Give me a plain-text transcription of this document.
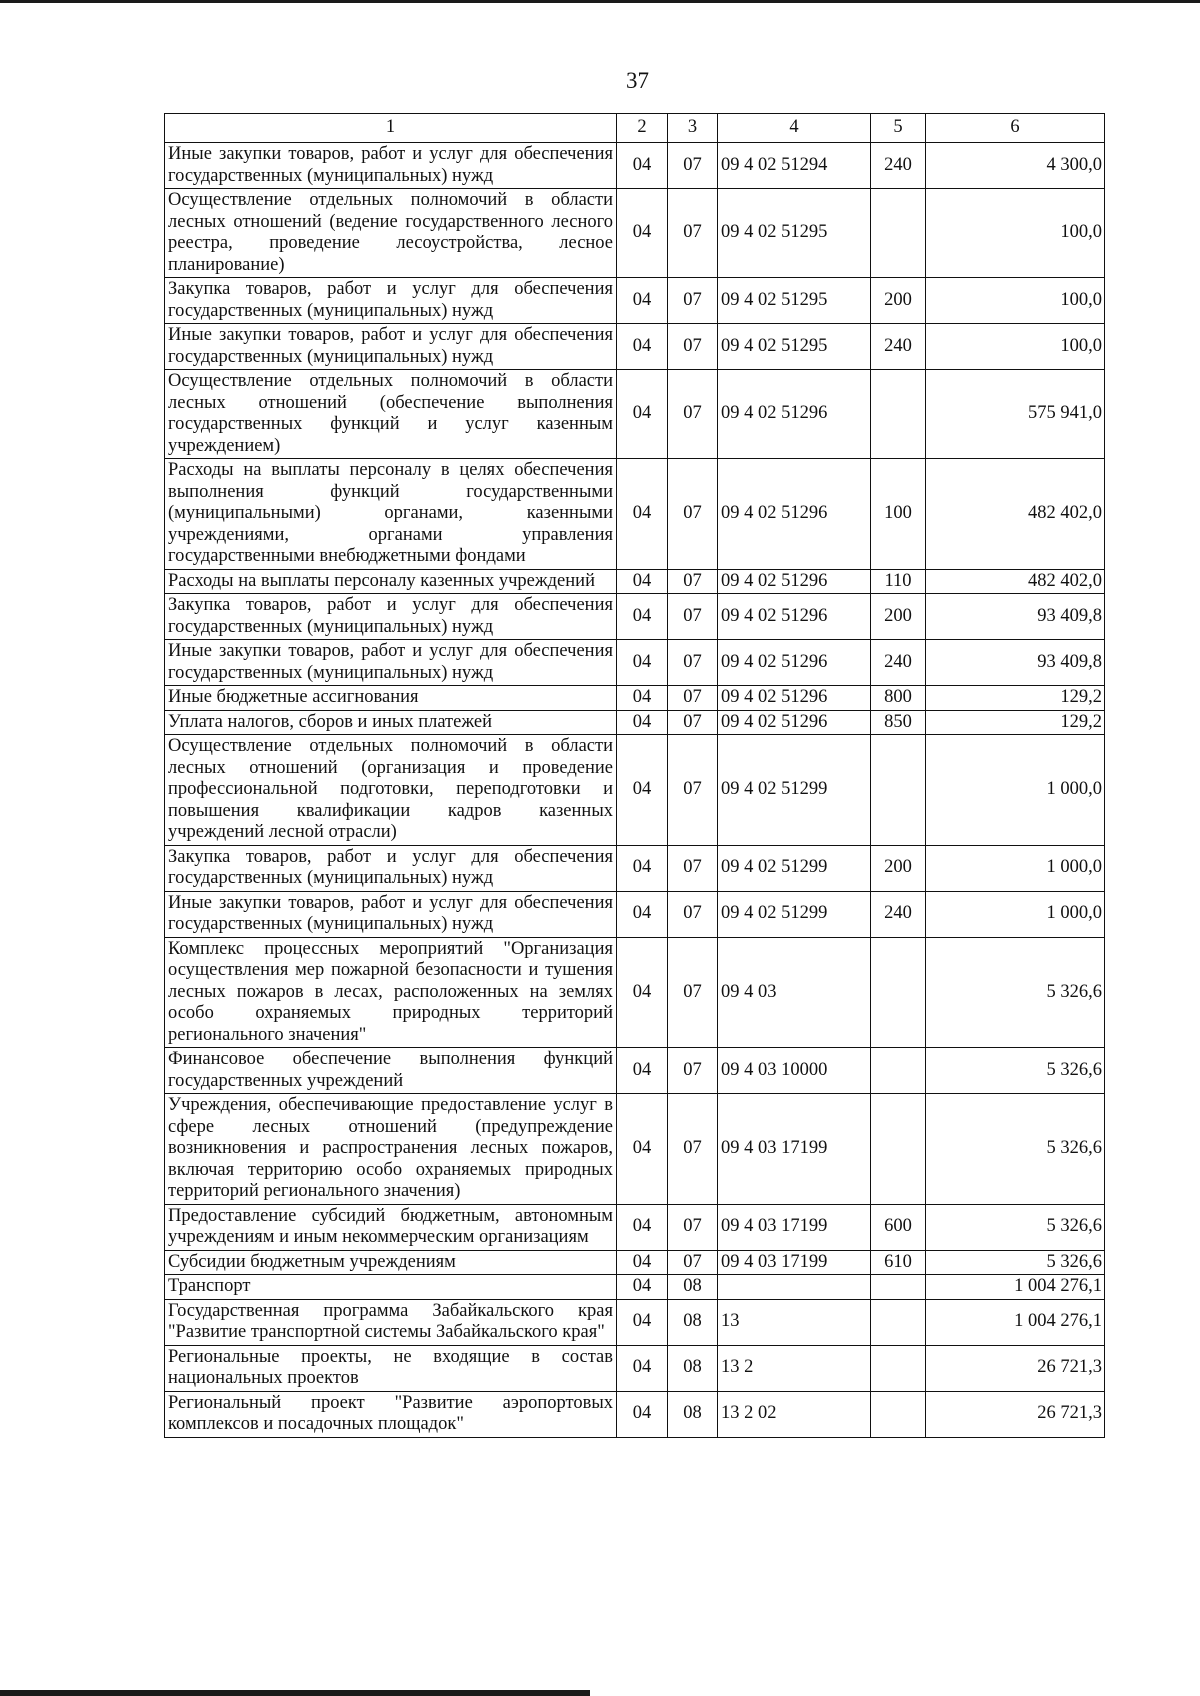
37
1	2	3	4	5	6
Иные закупки товаров, работ и услуг для обеспечения государственных (муниципальных) нужд	04	07	09 4 02 51294	240	4 300,0
Осуществление отдельных полномочий в области лесных отношений (ведение государственного лесного реестра, проведение лесоустройства, лесное планирование)	04	07	09 4 02 51295		100,0
Закупка товаров, работ и услуг для обеспечения государственных (муниципальных) нужд	04	07	09 4 02 51295	200	100,0
Иные закупки товаров, работ и услуг для обеспечения государственных (муниципальных) нужд	04	07	09 4 02 51295	240	100,0
Осуществление отдельных полномочий в области лесных отношений (обеспечение выполнения государственных функций и услуг казенным учреждением)	04	07	09 4 02 51296		575 941,0
Расходы на выплаты персоналу в целях обеспечения выполнения функций государственными (муниципальными) органами, казенными учреждениями, органами управления государственными внебюджетными фондами	04	07	09 4 02 51296	100	482 402,0
Расходы на выплаты персоналу казенных учреждений	04	07	09 4 02 51296	110	482 402,0
Закупка товаров, работ и услуг для обеспечения государственных (муниципальных) нужд	04	07	09 4 02 51296	200	93 409,8
Иные закупки товаров, работ и услуг для обеспечения государственных (муниципальных) нужд	04	07	09 4 02 51296	240	93 409,8
Иные бюджетные ассигнования	04	07	09 4 02 51296	800	129,2
Уплата налогов, сборов и иных платежей	04	07	09 4 02 51296	850	129,2
Осуществление отдельных полномочий в области лесных отношений (организация и проведение профессиональной подготовки, переподготовки и повышения квалификации кадров казенных учреждений лесной отрасли)	04	07	09 4 02 51299		1 000,0
Закупка товаров, работ и услуг для обеспечения государственных (муниципальных) нужд	04	07	09 4 02 51299	200	1 000,0
Иные закупки товаров, работ и услуг для обеспечения государственных (муниципальных) нужд	04	07	09 4 02 51299	240	1 000,0
Комплекс процессных мероприятий "Организация осуществления мер пожарной безопасности и тушения лесных пожаров в лесах, расположенных на землях особо охраняемых природных территорий регионального значения"	04	07	09 4 03		5 326,6
Финансовое обеспечение выполнения функций государственных учреждений	04	07	09 4 03 10000		5 326,6
Учреждения, обеспечивающие предоставление услуг в сфере лесных отношений (предупреждение возникновения и распространения лесных пожаров, включая территорию особо охраняемых природных территорий регионального значения)	04	07	09 4 03 17199		5 326,6
Предоставление субсидий бюджетным, автономным учреждениям и иным некоммерческим организациям	04	07	09 4 03 17199	600	5 326,6
Субсидии бюджетным учреждениям	04	07	09 4 03 17199	610	5 326,6
Транспорт	04	08			1 004 276,1
Государственная программа Забайкальского края "Развитие транспортной системы Забайкальского края"	04	08	13		1 004 276,1
Региональные проекты, не входящие в состав национальных проектов	04	08	13 2		26 721,3
Региональный проект "Развитие аэропортовых комплексов и посадочных площадок"	04	08	13 2 02		26 721,3
